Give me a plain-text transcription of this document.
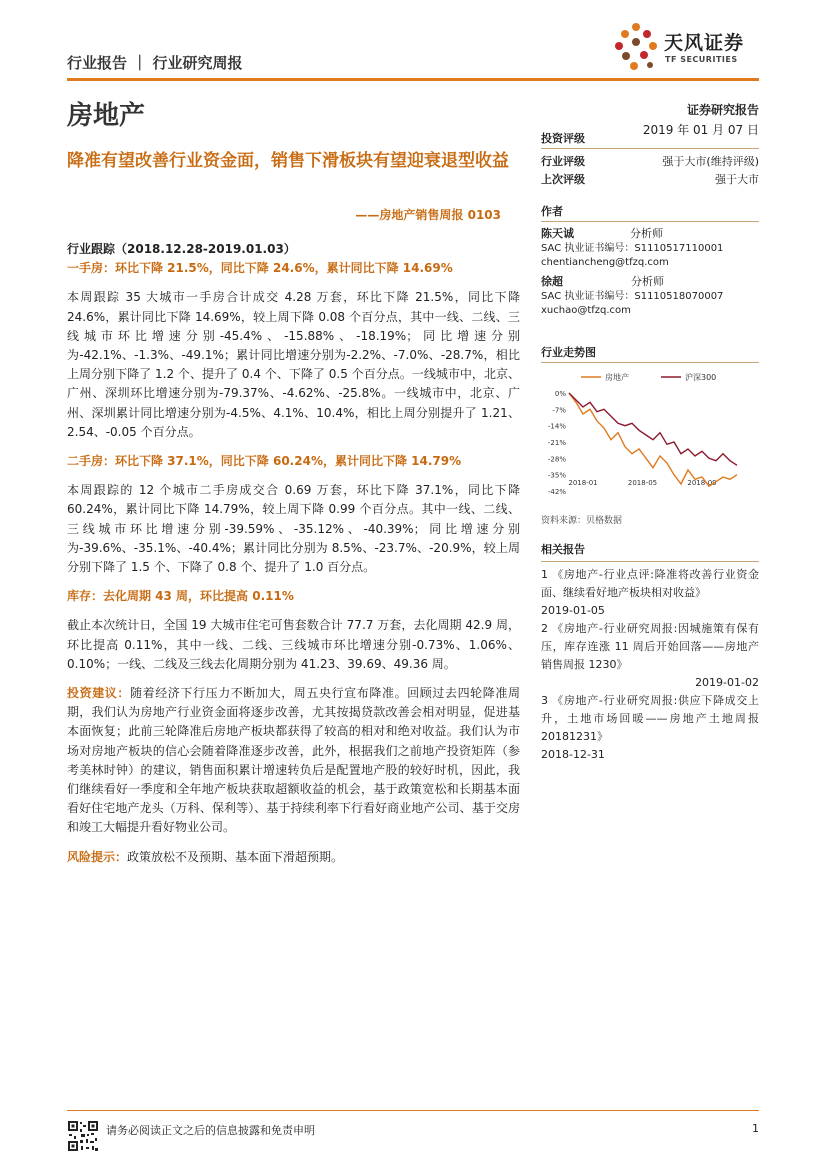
天风证券
TF SECURITIES
行业报告 ｜ 行业研究周报
房地产	证券研究报告
2019 年 01 月 07 日
降准有望改善行业资金面，销售下滑板块有望迎衰退型收益
——房地产销售周报 0103
行业跟踪（2018.12.28-2019.01.03）
一手房：环比下降 21.5%，同比下降 24.6%，累计同比下降 14.69%

本周跟踪 35 大城市一手房合计成交 4.28 万套，环比下降 21.5%，同比下降 24.6%，累计同比下降 14.69%，较上周下降 0.08 个百分点，其中一线、二线、三线城市环比增速分别-45.4%、-15.88%、-18.19%；同比增速分别为-42.1%、-1.3%、-49.1%；累计同比增速分别为-2.2%、-7.0%、-28.7%，相比上周分别下降了 1.2 个、提升了 0.4 个、下降了 0.5 个百分点。一线城市中，北京、广州、深圳环比增速分别为-79.37%、-4.62%、-25.8%。一线城市中，北京、广州、深圳累计同比增速分别为-4.5%、4.1%、10.4%，相比上周分别提升了 1.21、2.54、-0.05 个百分点。

二手房：环比下降 37.1%，同比下降 60.24%，累计同比下降 14.79%

本周跟踪的 12 个城市二手房成交合 0.69 万套，环比下降 37.1%，同比下降 60.24%，累计同比下降 14.79%，较上周下降 0.99 个百分点。其中一线、二线、三线城市环比增速分别-39.59%、-35.12%、-40.39%；同比增速分别为-39.6%、-35.1%、-40.4%；累计同比分别为 8.5%、-23.7%、-20.9%，较上周分别下降了 1.5 个、下降了 0.8 个、提升了 1.0 百分点。

库存：去化周期 43 周，环比提高 0.11%

截止本次统计日，全国 19 大城市住宅可售套数合计 77.7 万套，去化周期 42.9 周，环比提高 0.11%，其中一线、二线、三线城市环比增速分别-0.73%、1.06%、0.10%；一线、二线及三线去化周期分别为 41.23、39.69、49.36 周。

投资建议：随着经济下行压力不断加大，周五央行宣布降准。回顾过去四轮降准周期，我们认为房地产行业资金面将逐步改善，尤其按揭贷款改善会相对明显，促进基本面恢复；此前三轮降准后房地产板块都获得了较高的相对和绝对收益。我们认为市场对房地产板块的信心会随着降准逐步改善，此外，根据我们之前地产投资矩阵（参考美林时钟）的建议，销售面积累计增速转负后是配置地产股的较好时机，因此，我们继续看好一季度和全年地产板块获取超额收益的机会，基于政策宽松和长期基本面看好住宅地产龙头（万科、保利等）、基于持续利率下行看好商业地产公司、基于交房和竣工大幅提升看好物业公司。

风险提示：政策放松不及预期、基本面下滑超预期。

投资评级
行业评级	强于大市(维持评级)
上次评级	强于大市
作者
陈天诚	分析师
SAC 执业证书编号：S1110517110001
chentiancheng@tfzq.com
徐超	分析师
SAC 执业证书编号：S1110518070007
xuchao@tfzq.com
行业走势图
房地产	沪深300
0%
-7%
-14%
-21%
-28%
-35%
-42%
2018-01	2018-05	2018-09
资料来源：贝格数据
相关报告
1 《房地产-行业点评:降准将改善行业资金面、继续看好地产板块相对收益》
2019-01-05
2 《房地产-行业研究周报:因城施策有保有压，库存连涨 11 周后开始回落——房地产销售周报 1230》
2019-01-02
3 《房地产-行业研究周报:供应下降成交上升，土地市场回暖——房地产土地周报 20181231》
2018-12-31
请务必阅读正文之后的信息披露和免责申明	1
